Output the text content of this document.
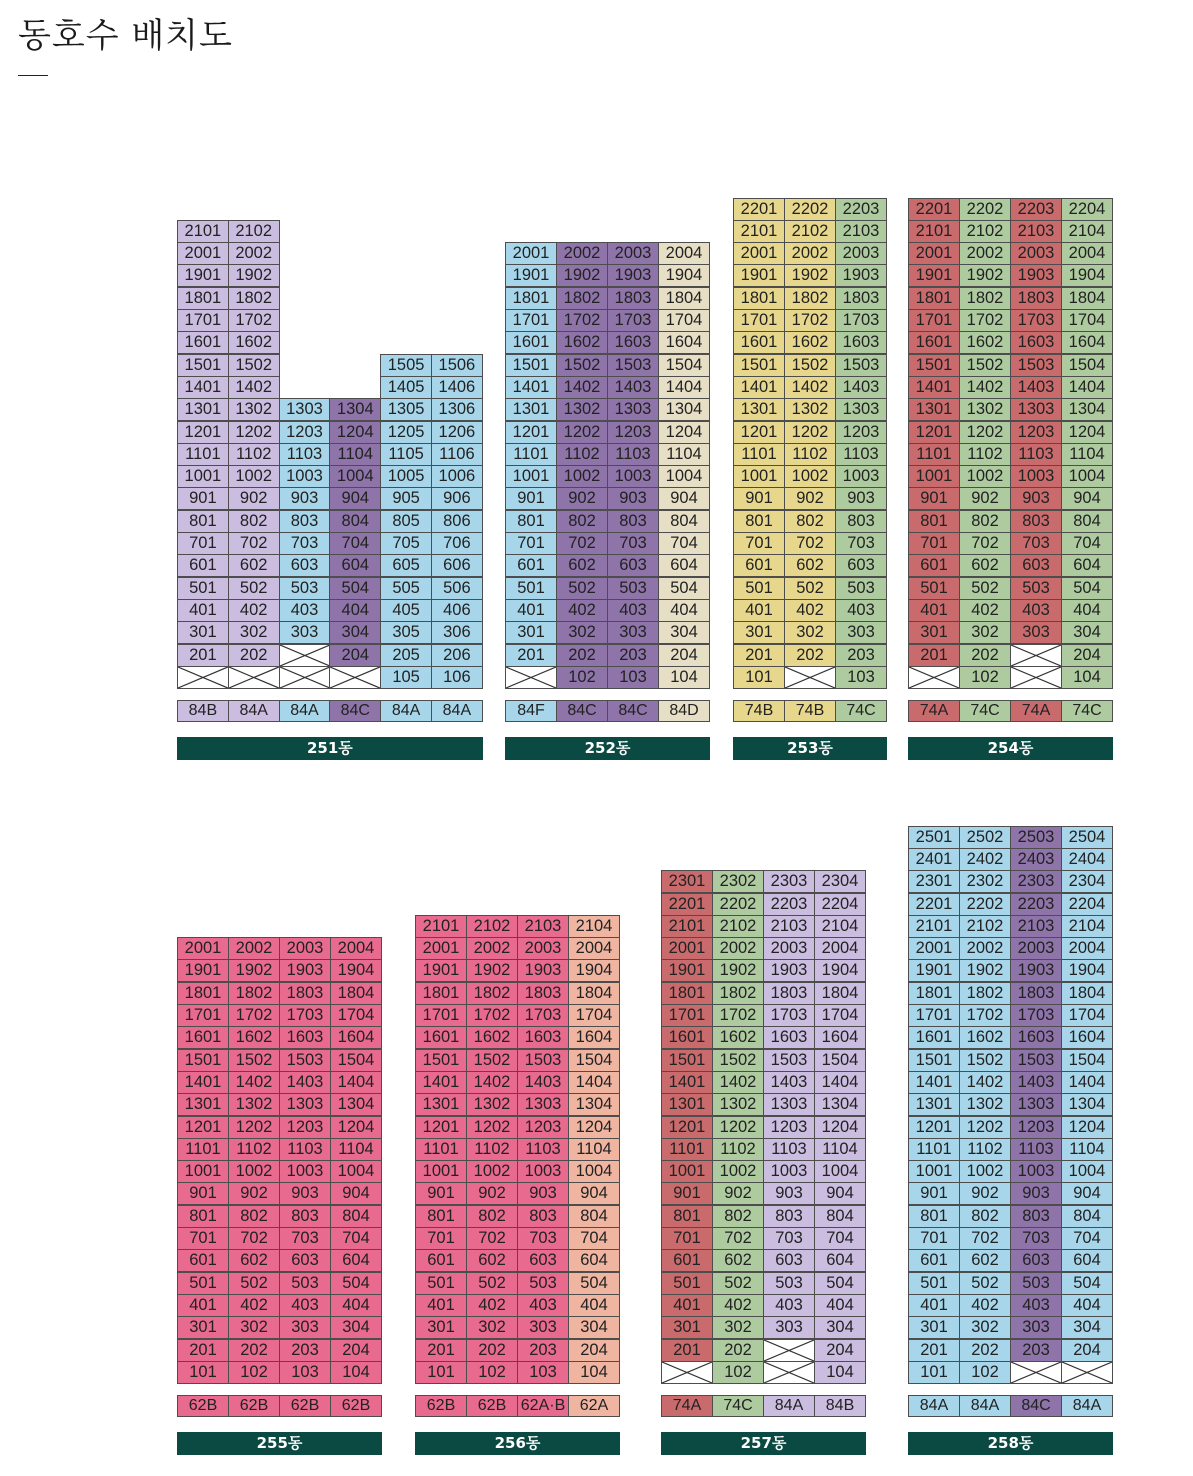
동호수 배치도
2101
2001
1901
1801
1701
1601
1501
1401
1301
1201
1101
1001
901
801
701
601
501
401
301
201
84B
2102
2002
1902
1802
1702
1602
1502
1402
1302
1202
1102
1002
902
802
702
602
502
402
302
202
84A
1303
1203
1103
1003
903
803
703
603
503
403
303
84A
1304
1204
1104
1004
904
804
704
604
504
404
304
204
84C
1505
1405
1305
1205
1105
1005
905
805
705
605
505
405
305
205
105
84A
1506
1406
1306
1206
1106
1006
906
806
706
606
506
406
306
206
106
84A
251동
2001
1901
1801
1701
1601
1501
1401
1301
1201
1101
1001
901
801
701
601
501
401
301
201
84F
2002
1902
1802
1702
1602
1502
1402
1302
1202
1102
1002
902
802
702
602
502
402
302
202
102
84C
2003
1903
1803
1703
1603
1503
1403
1303
1203
1103
1003
903
803
703
603
503
403
303
203
103
84C
2004
1904
1804
1704
1604
1504
1404
1304
1204
1104
1004
904
804
704
604
504
404
304
204
104
84D
252동
2201
2101
2001
1901
1801
1701
1601
1501
1401
1301
1201
1101
1001
901
801
701
601
501
401
301
201
101
74B
2202
2102
2002
1902
1802
1702
1602
1502
1402
1302
1202
1102
1002
902
802
702
602
502
402
302
202
74B
2203
2103
2003
1903
1803
1703
1603
1503
1403
1303
1203
1103
1003
903
803
703
603
503
403
303
203
103
74C
253동
2201
2101
2001
1901
1801
1701
1601
1501
1401
1301
1201
1101
1001
901
801
701
601
501
401
301
201
74A
2202
2102
2002
1902
1802
1702
1602
1502
1402
1302
1202
1102
1002
902
802
702
602
502
402
302
202
102
74C
2203
2103
2003
1903
1803
1703
1603
1503
1403
1303
1203
1103
1003
903
803
703
603
503
403
303
74A
2204
2104
2004
1904
1804
1704
1604
1504
1404
1304
1204
1104
1004
904
804
704
604
504
404
304
204
104
74C
254동
2001
1901
1801
1701
1601
1501
1401
1301
1201
1101
1001
901
801
701
601
501
401
301
201
101
62B
2002
1902
1802
1702
1602
1502
1402
1302
1202
1102
1002
902
802
702
602
502
402
302
202
102
62B
2003
1903
1803
1703
1603
1503
1403
1303
1203
1103
1003
903
803
703
603
503
403
303
203
103
62B
2004
1904
1804
1704
1604
1504
1404
1304
1204
1104
1004
904
804
704
604
504
404
304
204
104
62B
255동
2101
2001
1901
1801
1701
1601
1501
1401
1301
1201
1101
1001
901
801
701
601
501
401
301
201
101
62B
2102
2002
1902
1802
1702
1602
1502
1402
1302
1202
1102
1002
902
802
702
602
502
402
302
202
102
62B
2103
2003
1903
1803
1703
1603
1503
1403
1303
1203
1103
1003
903
803
703
603
503
403
303
203
103
62A·B
2104
2004
1904
1804
1704
1604
1504
1404
1304
1204
1104
1004
904
804
704
604
504
404
304
204
104
62A
256동
2301
2201
2101
2001
1901
1801
1701
1601
1501
1401
1301
1201
1101
1001
901
801
701
601
501
401
301
201
74A
2302
2202
2102
2002
1902
1802
1702
1602
1502
1402
1302
1202
1102
1002
902
802
702
602
502
402
302
202
102
74C
2303
2203
2103
2003
1903
1803
1703
1603
1503
1403
1303
1203
1103
1003
903
803
703
603
503
403
303
84A
2304
2204
2104
2004
1904
1804
1704
1604
1504
1404
1304
1204
1104
1004
904
804
704
604
504
404
304
204
104
84B
257동
2501
2401
2301
2201
2101
2001
1901
1801
1701
1601
1501
1401
1301
1201
1101
1001
901
801
701
601
501
401
301
201
101
84A
2502
2402
2302
2202
2102
2002
1902
1802
1702
1602
1502
1402
1302
1202
1102
1002
902
802
702
602
502
402
302
202
102
84A
2503
2403
2303
2203
2103
2003
1903
1803
1703
1603
1503
1403
1303
1203
1103
1003
903
803
703
603
503
403
303
203
84C
2504
2404
2304
2204
2104
2004
1904
1804
1704
1604
1504
1404
1304
1204
1104
1004
904
804
704
604
504
404
304
204
84A
258동
